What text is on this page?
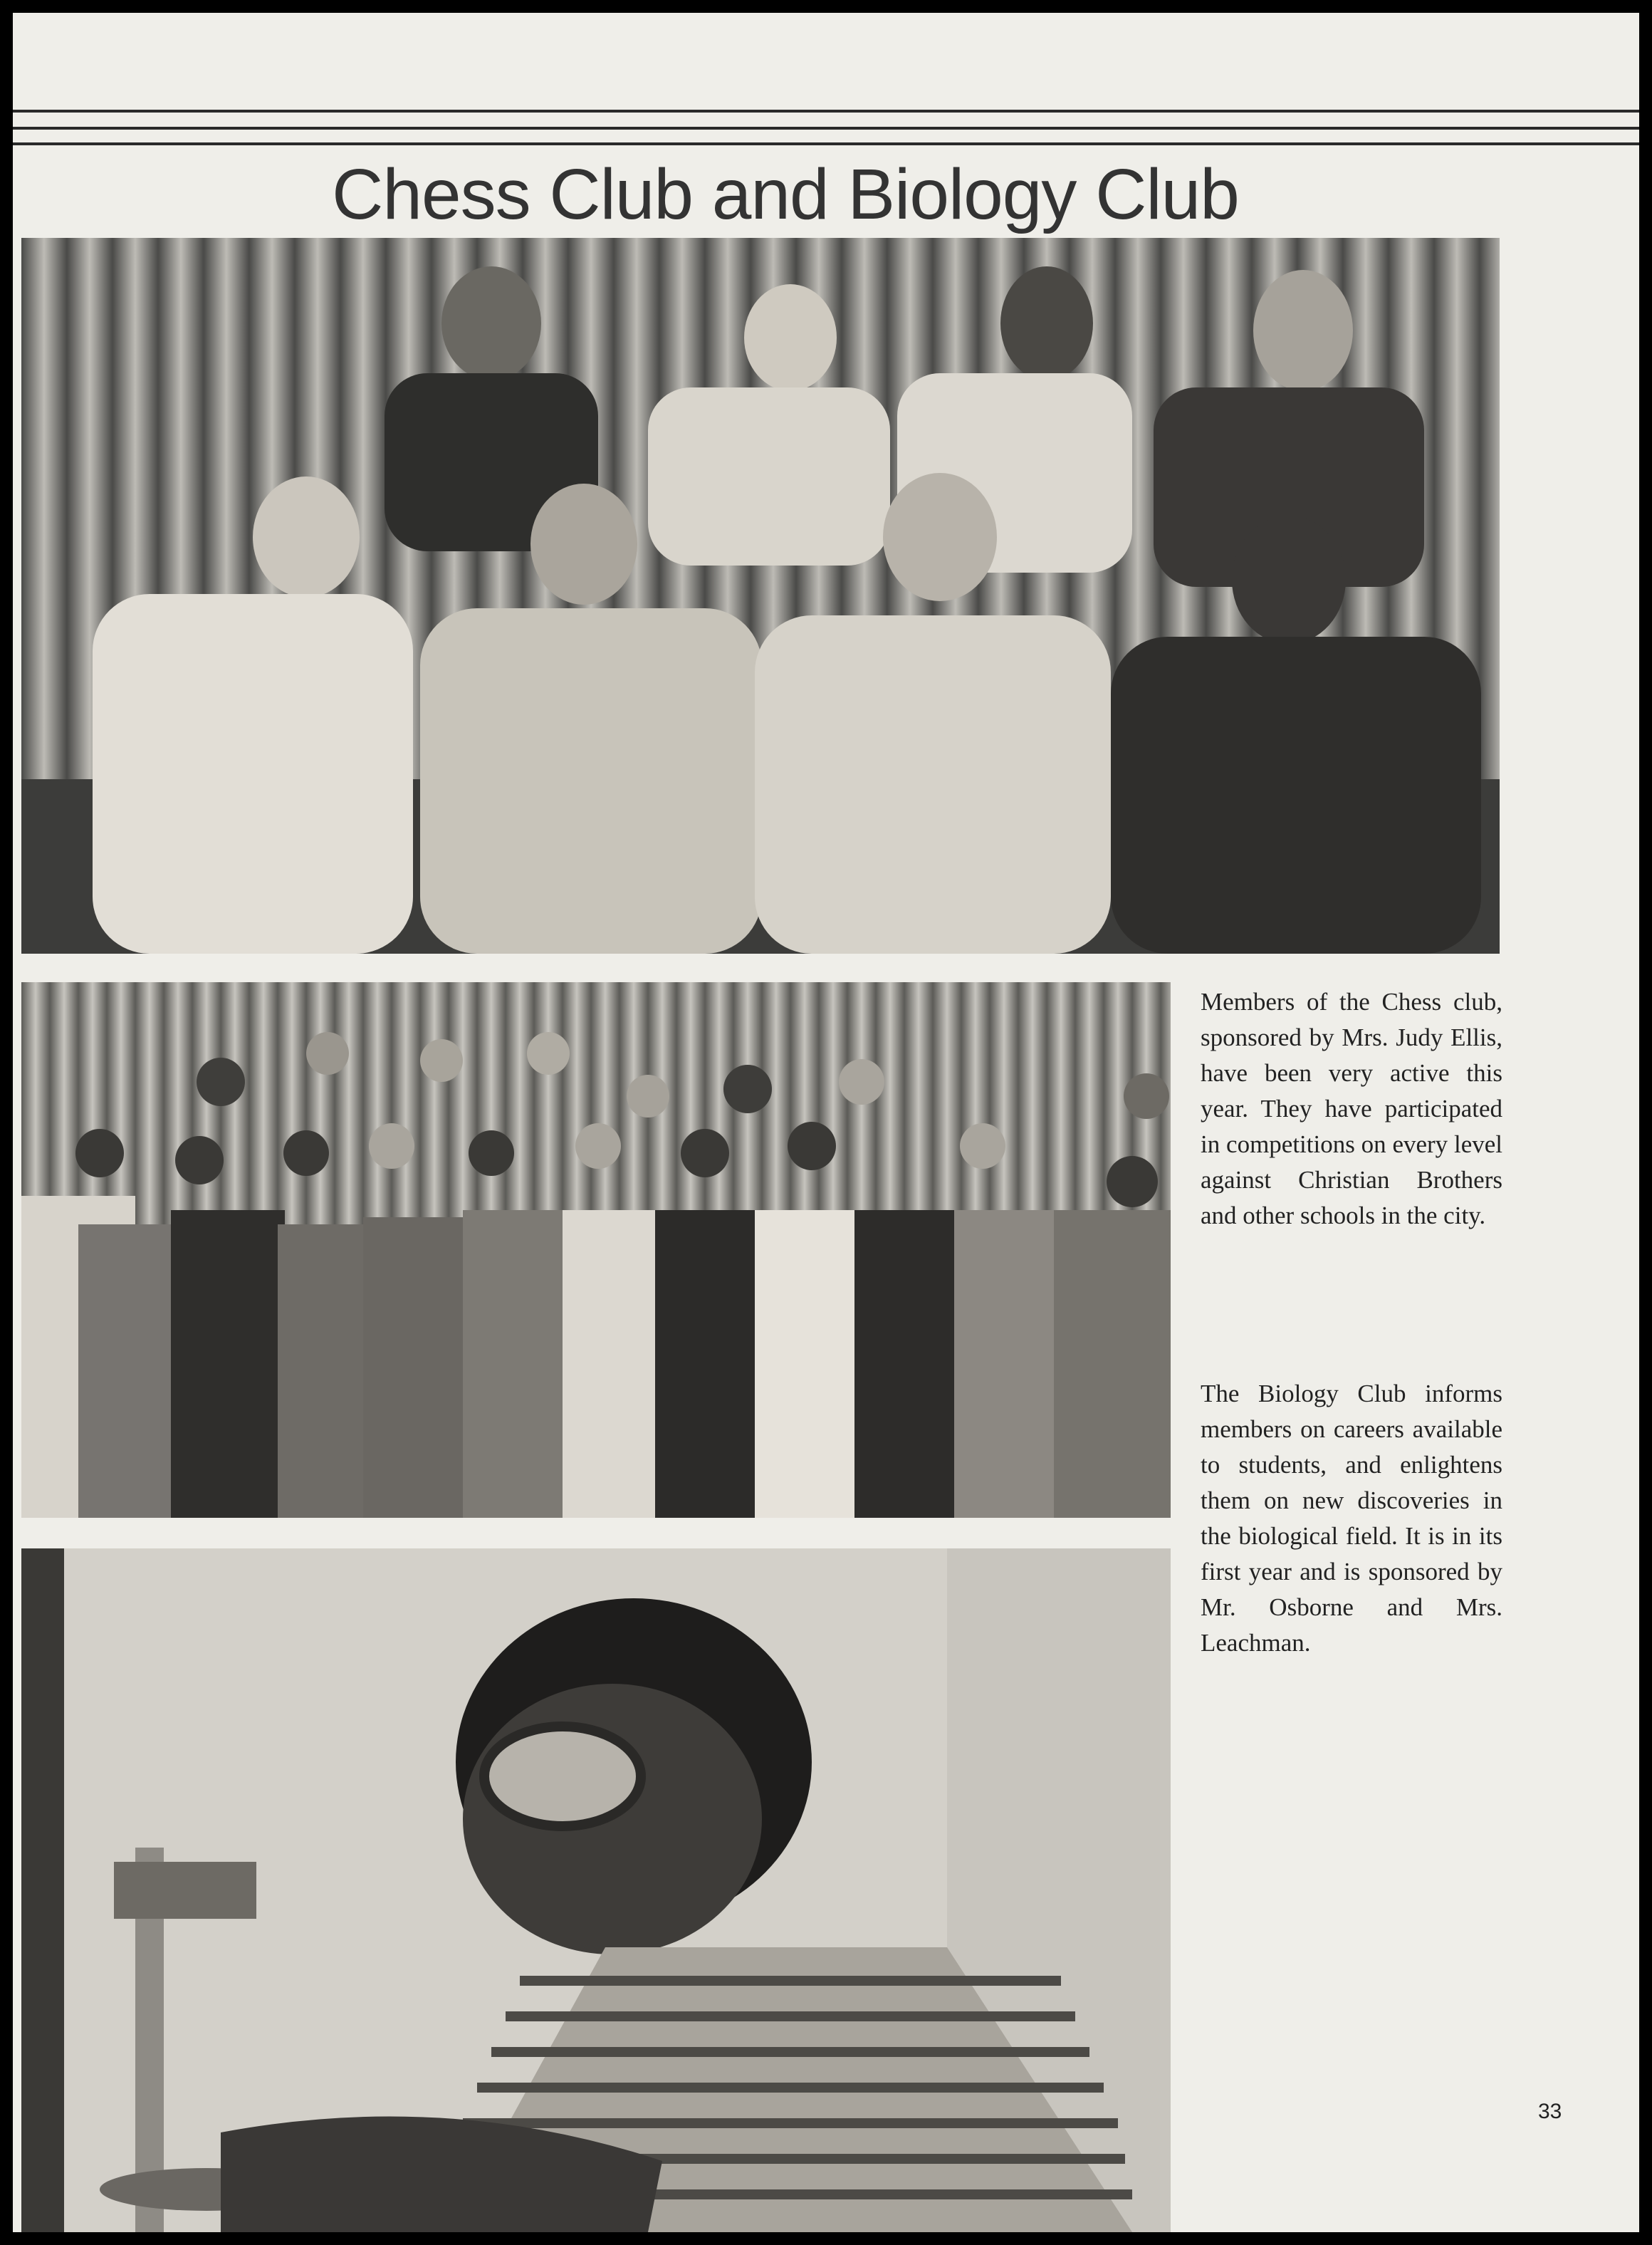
Chess Club and Biology Club

Members of the Chess club, sponsored by Mrs. Judy Ellis, have been very active this year. They have participated in competitions on every level against Christian Brothers and other schools in the city.

The Biology Club informs members on careers available to students, and enlightens them on new discoveries in the biological field. It is in its first year and is sponsored by Mr. Osborne and Mrs. Leachman.

33
